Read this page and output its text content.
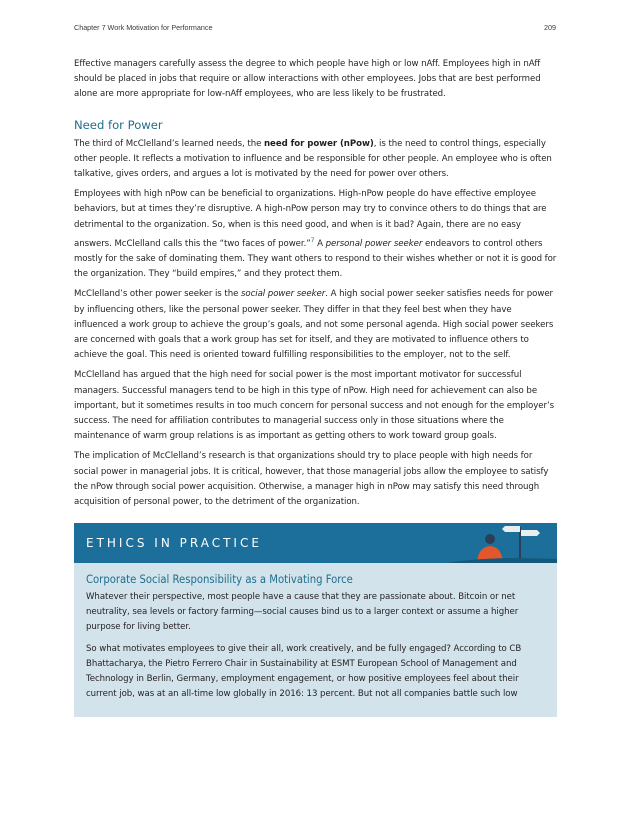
Chapter 7 Work Motivation for Performance	209

Effective managers carefully assess the degree to which people have high or low nAff. Employees high in nAff should be placed in jobs that require or allow interactions with other employees. Jobs that are best performed alone are more appropriate for low-nAff employees, who are less likely to be frustrated.

Need for Power

The third of McClelland’s learned needs, the need for power (nPow), is the need to control things, especially other people. It reflects a motivation to influence and be responsible for other people. An employee who is often talkative, gives orders, and argues a lot is motivated by the need for power over others.

Employees with high nPow can be beneficial to organizations. High-nPow people do have effective employee behaviors, but at times they’re disruptive. A high-nPow person may try to convince others to do things that are detrimental to the organization. So, when is this need good, and when is it bad? Again, there are no easy answers. McClelland calls this the “two faces of power.”$^7$ A personal power seeker endeavors to control others mostly for the sake of dominating them. They want others to respond to their wishes whether or not it is good for the organization. They “build empires,” and they protect them.

McClelland’s other power seeker is the social power seeker. A high social power seeker satisfies needs for power by influencing others, like the personal power seeker. They differ in that they feel best when they have influenced a work group to achieve the group’s goals, and not some personal agenda. High social power seekers are concerned with goals that a work group has set for itself, and they are motivated to influence others to achieve the goal. This need is oriented toward fulfilling responsibilities to the employer, not to the self.

McClelland has argued that the high need for social power is the most important motivator for successful managers. Successful managers tend to be high in this type of nPow. High need for achievement can also be important, but it sometimes results in too much concern for personal success and not enough for the employer’s success. The need for affiliation contributes to managerial success only in those situations where the maintenance of warm group relations is as important as getting others to work toward group goals.

The implication of McClelland’s research is that organizations should try to place people with high needs for social power in managerial jobs. It is critical, however, that those managerial jobs allow the employee to satisfy the nPow through social power acquisition. Otherwise, a manager high in nPow may satisfy this need through acquisition of personal power, to the detriment of the organization.

ETHICS IN PRACTICE
Corporate Social Responsibility as a Motivating Force

Whatever their perspective, most people have a cause that they are passionate about. Bitcoin or net neutrality, sea levels or factory farming—social causes bind us to a larger context or assume a higher purpose for living better.

So what motivates employees to give their all, work creatively, and be fully engaged? According to CB Bhattacharya, the Pietro Ferrero Chair in Sustainability at ESMT European School of Management and Technology in Berlin, Germany, employment engagement, or how positive employees feel about their current job, was at an all-time low globally in 2016: 13 percent. But not all companies battle such low
